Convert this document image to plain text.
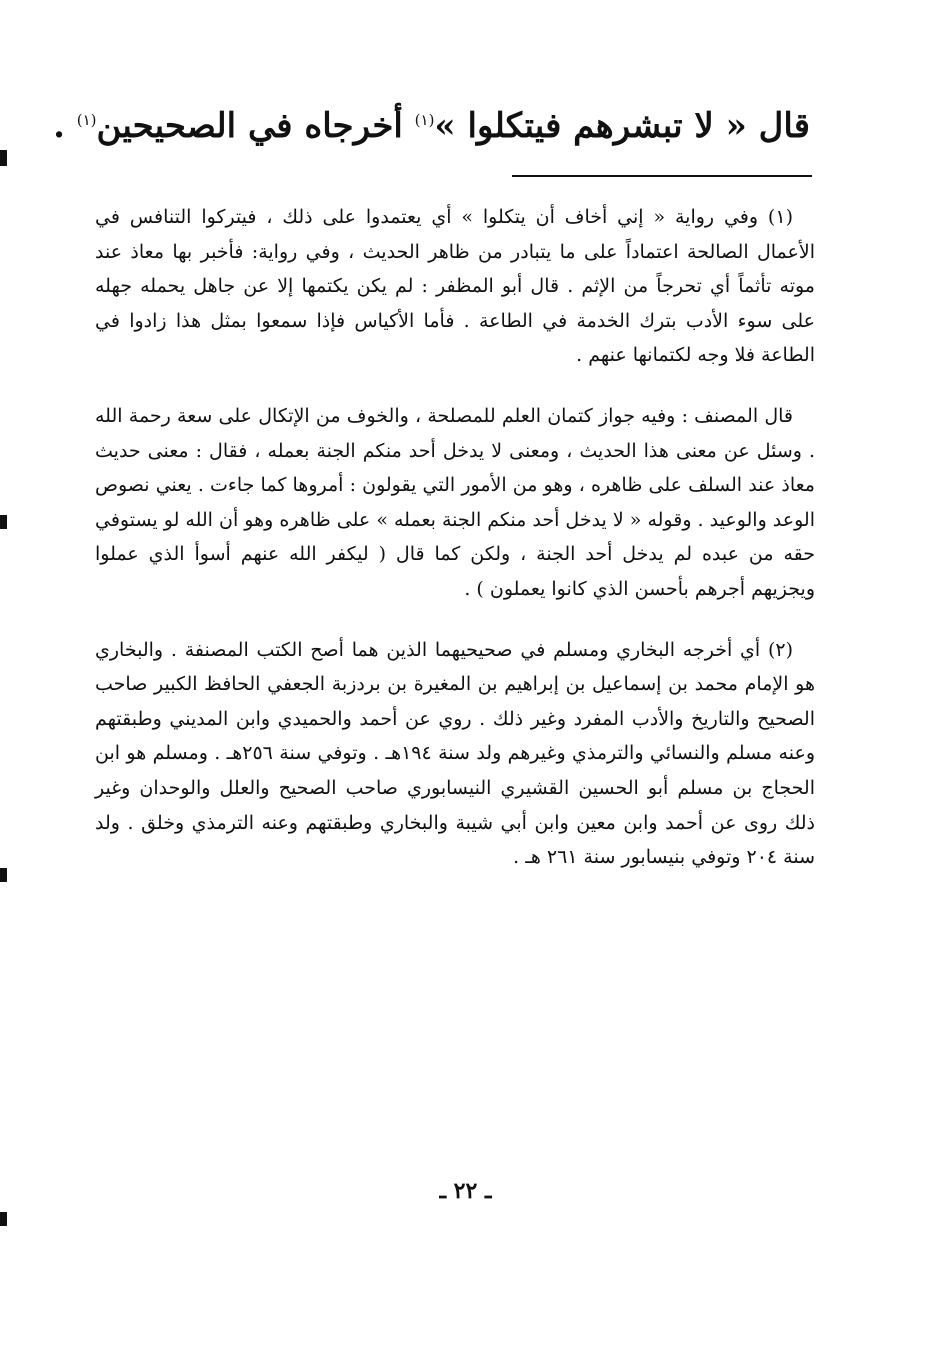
قال « لا تبشرهم فيتكلوا »$^{(١)}$ أخرجاه في الصحيحين$^{(١)}$ .

(١) وفي رواية « إني أخاف أن يتكلوا » أي يعتمدوا على ذلك ، فيتركوا التنافس في الأعمال الصالحة اعتماداً على ما يتبادر من ظاهر الحديث ، وفي رواية: فأخبر بها معاذ عند موته تأثماً أي تحرجاً من الإثم . قال أبو المظفر : لم يكن يكتمها إلا عن جاهل يحمله جهله على سوء الأدب بترك الخدمة في الطاعة . فأما الأكياس فإذا سمعوا بمثل هذا زادوا في الطاعة فلا وجه لكتمانها عنهم .

قال المصنف : وفيه جواز كتمان العلم للمصلحة ، والخوف من الإتكال على سعة رحمة الله . وسئل عن معنى هذا الحديث ، ومعنى لا يدخل أحد منكم الجنة بعمله ، فقال : معنى حديث معاذ عند السلف على ظاهره ، وهو من الأمور التي يقولون : أمروها كما جاءت . يعني نصوص الوعد والوعيد . وقوله « لا يدخل أحد منكم الجنة بعمله » على ظاهره وهو أن الله لو يستوفي حقه من عبده لم يدخل أحد الجنة ، ولكن كما قال ( ليكفر الله عنهم أسوأ الذي عملوا ويجزيهم أجرهم بأحسن الذي كانوا يعملون ) .

(٢) أي أخرجه البخاري ومسلم في صحيحيهما الذين هما أصح الكتب المصنفة . والبخاري هو الإمام محمد بن إسماعيل بن إبراهيم بن المغيرة بن بردزبة الجعفي الحافظ الكبير صاحب الصحيح والتاريخ والأدب المفرد وغير ذلك . روي عن أحمد والحميدي وابن المديني وطبقتهم وعنه مسلم والنسائي والترمذي وغيرهم ولد سنة ١٩٤هـ . وتوفي سنة ٢٥٦هـ . ومسلم هو ابن الحجاج بن مسلم أبو الحسين القشيري النيسابوري صاحب الصحيح والعلل والوحدان وغير ذلك روى عن أحمد وابن معين وابن أبي شيبة والبخاري وطبقتهم وعنه الترمذي وخلق . ولد سنة ٢٠٤ وتوفي بنيسابور سنة ٢٦١ هـ .

ـ ٢٢ ـ
